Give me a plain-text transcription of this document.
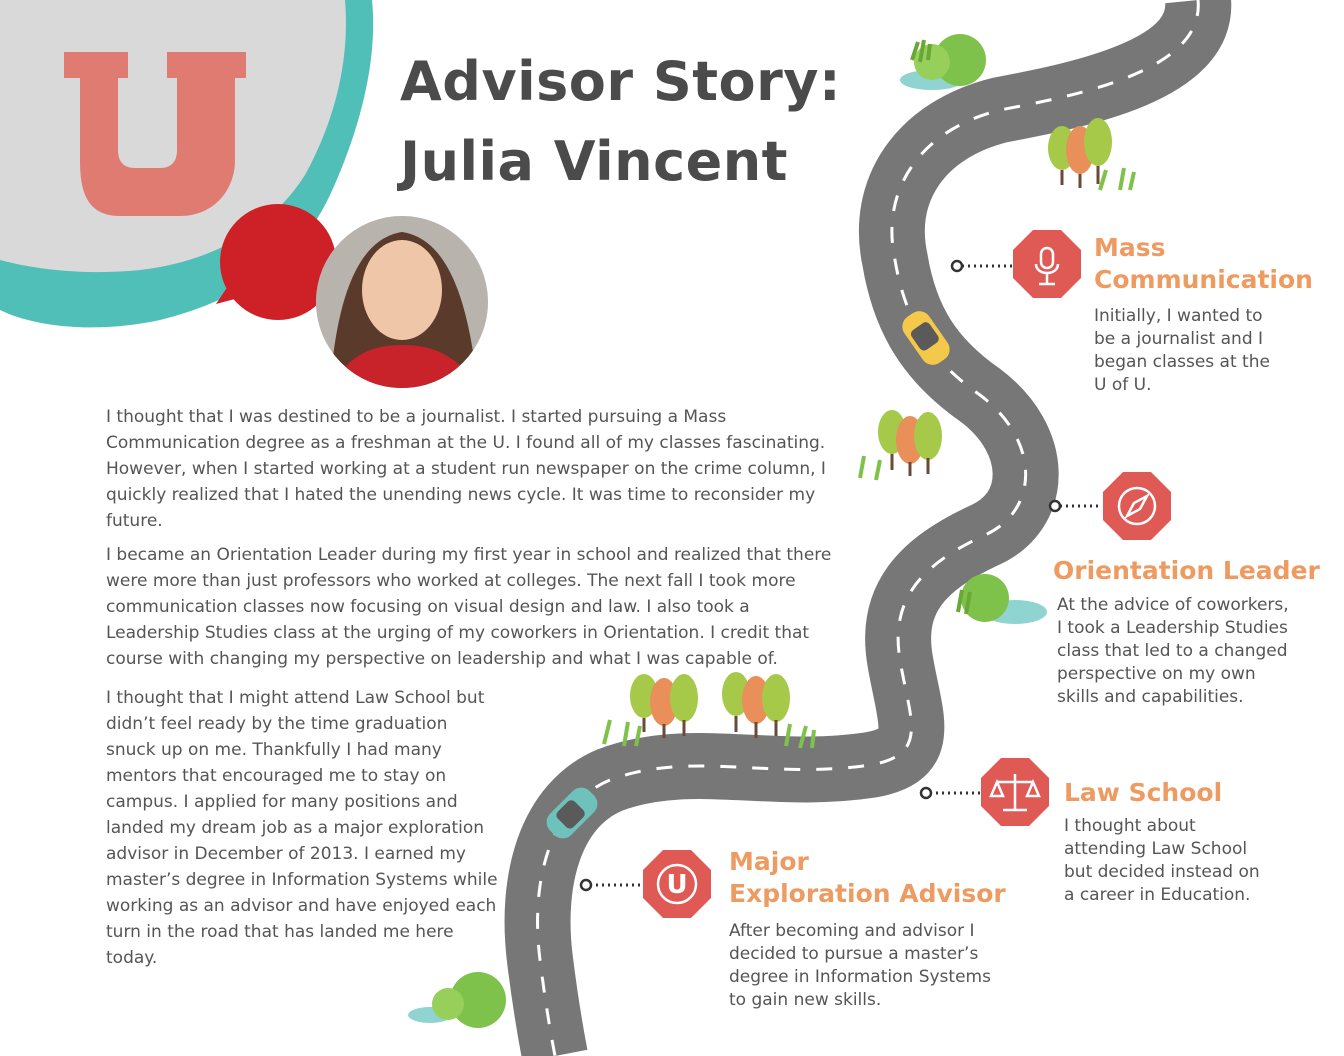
Advisor Story:
Julia Vincent
U

I thought that I was destined to be a journalist. I started pursuing a Mass Communication degree as a freshman at the U. I found all of my classes fascinating. However, when I started working at a student run newspaper on the crime column, I quickly realized that I hated the unending news cycle. It was time to reconsider my future.

I became an Orientation Leader during my first year in school and realized that there were more than just professors who worked at colleges. The next fall I took more communication classes now focusing on visual design and law. I also took a Leadership Studies class at the urging of my coworkers in Orientation. I credit that course with changing my perspective on leadership and what I was capable of.

I thought that I might attend Law School but didn’t feel ready by the time graduation snuck up on me. Thankfully I had many mentors that encouraged me to stay on campus. I applied for many positions and landed my dream job as a major exploration advisor in December of 2013. I earned my master’s degree in Information Systems while working as an advisor and have enjoyed each turn in the road that has landed me here today.

Mass
Communication

Initially, I wanted to be a journalist and I began classes at the U of U.

Orientation Leader

At the advice of coworkers, I took a Leadership Studies class that led to a changed perspective on my own skills and capabilities.

Law School

I thought about attending Law School but decided instead on a career in Education.

Major
Exploration Advisor

After becoming and advisor I decided to pursue a master’s degree in Information Systems to gain new skills.
